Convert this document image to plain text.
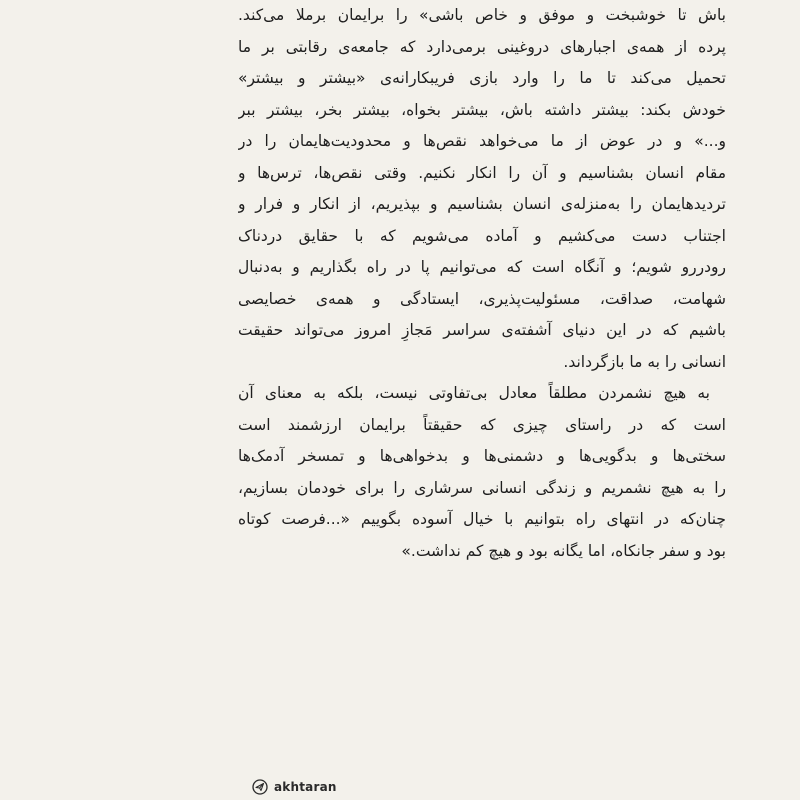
باش تا خوشبخت و موفق و خاص باشی» را برایمان برملا می‌کند.
پرده از همه‌ی اجبارهای دروغینی برمی‌دارد که جامعه‌ی رقابتی بر ما
تحمیل می‌کند تا ما را وارد بازی فریبکارانه‌ی «بیشتر و بیشتر»
خودش بکند: بیشتر داشته باش، بیشتر بخواه، بیشتر بخر، بیشتر ببر
و...» و در عوض از ما می‌خواهد نقص‌ها و محدودیت‌هایمان را در
مقام انسان بشناسیم و آن را انکار نکنیم. وقتی نقص‌ها، ترس‌ها و
تردیدهایمان را به‌منزله‌ی انسان بشناسیم و بپذیریم، از انکار و فرار و
اجتناب دست می‌کشیم و آماده می‌شویم که با حقایق دردناک
رودررو شویم؛ و آنگاه است که می‌توانیم پا در راه بگذاریم و به‌دنبال
شهامت، صداقت، مسئولیت‌پذیری، ایستادگی و همه‌ی خصایصی
باشیم که در این دنیای آشفته‌ی سراسر مَجازِ امروز می‌تواند حقیقت
انسانی را به ما بازگرداند.

به هیچ نشمردن مطلقاً معادل بی‌تفاوتی نیست، بلکه به معنای آن
است که در راستای چیزی که حقیقتاً برایمان ارزشمند است
سختی‌ها و بدگویی‌ها و دشمنی‌ها و بدخواهی‌ها و تمسخر آدمک‌ها
را به هیچ نشمریم و زندگی انسانی سرشاری را برای خودمان بسازیم،
چنان‌که در انتهای راه بتوانیم با خیال آسوده بگوییم «...فرصت کوتاه
بود و سفر جانکاه، اما یگانه بود و هیچ کم نداشت.»

akhtaran
